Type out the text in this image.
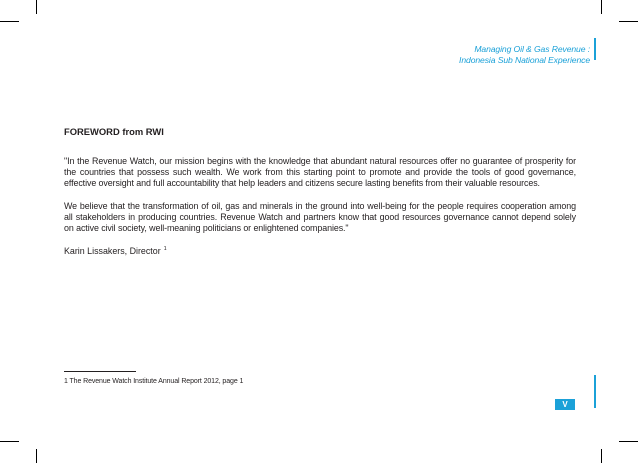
Managing Oil & Gas Revenue :
Indonesia Sub National Experience

FOREWORD from RWI

"In the Revenue Watch, our mission begins with the knowledge that abundant natural resources offer no guarantee of prosperity for the countries that possess such wealth. We work from this starting point to promote and provide the tools of good governance, effective oversight and full accountability that help leaders and citizens secure lasting benefits from their valuable resources.

We believe that the transformation of oil, gas and minerals in the ground into well-being for the people requires cooperation among all stakeholders in producing countries. Revenue Watch and partners know that good resources governance cannot depend solely on active civil society, well-meaning politicians or enlightened companies."

Karin Lissakers, Director $^1$

1 The Revenue Watch Institute Annual Report 2012, page 1
V
